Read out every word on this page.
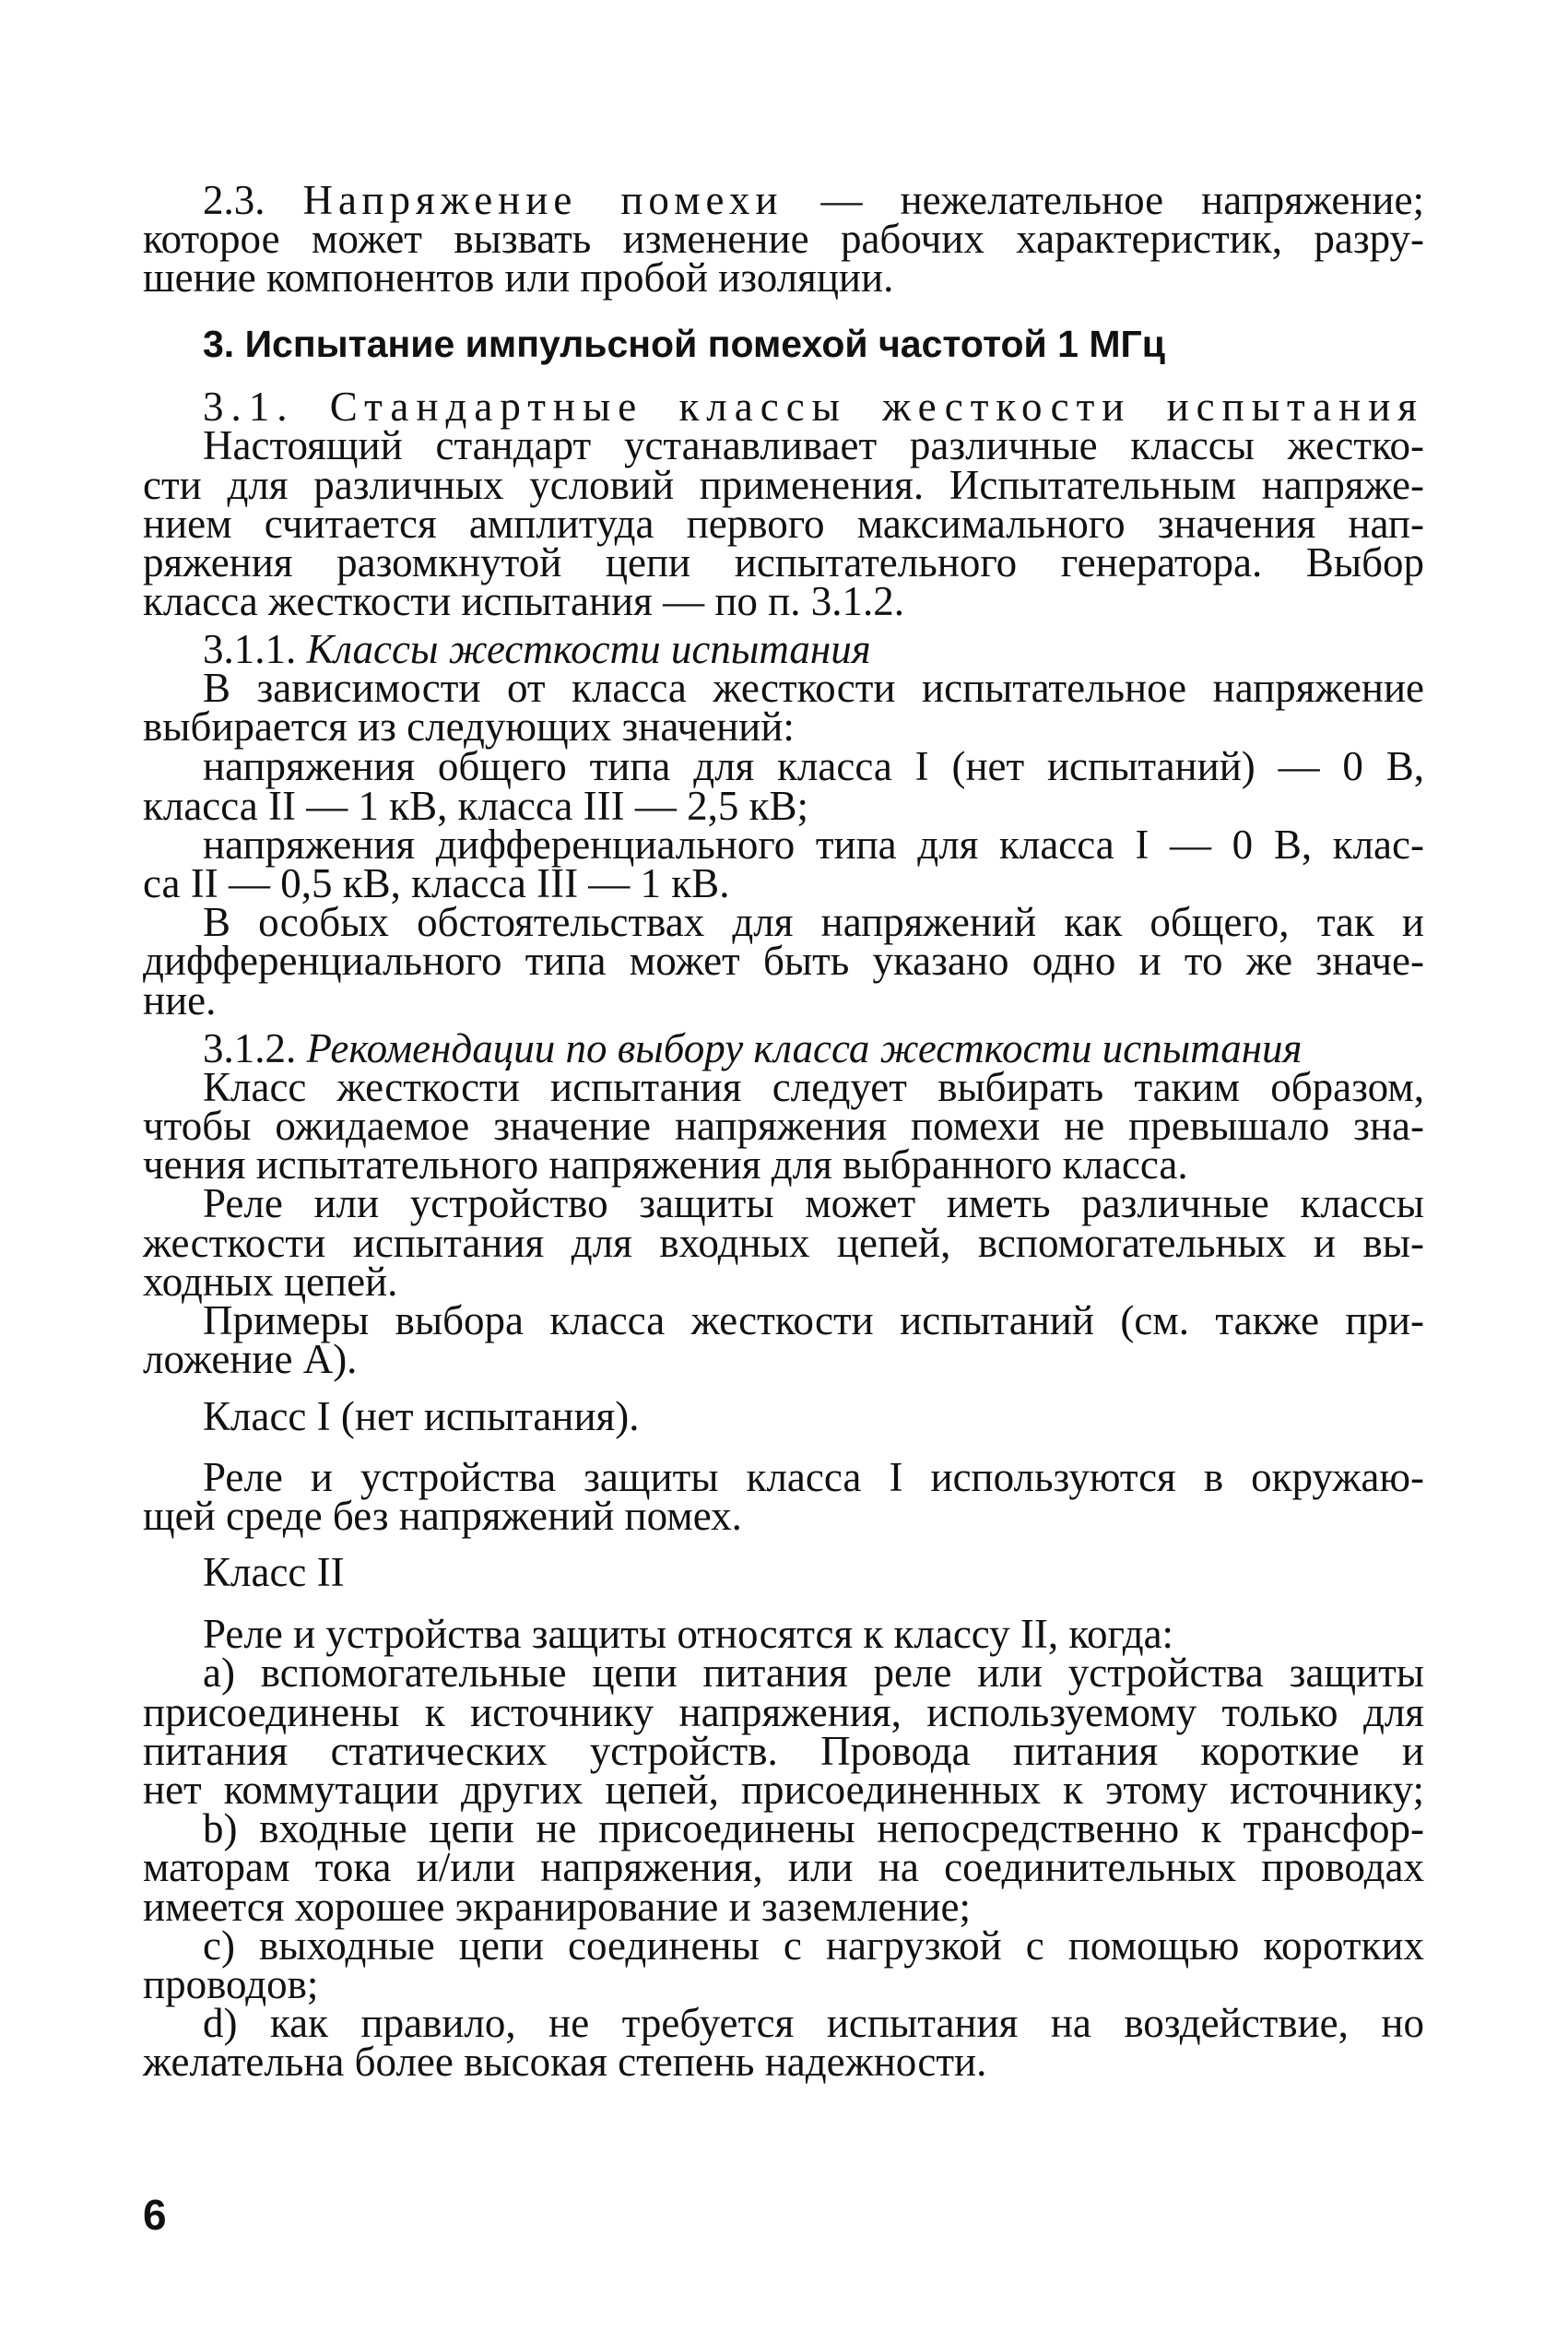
2.3. Напряжение помехи — нежелательное напряжение;
которое может вызвать изменение рабочих характеристик, разру-
шение компонентов или пробой изоляции.
3. Испытание импульсной помехой частотой 1 МГц
3.1. Стандартные классы жесткости испытания
Настоящий стандарт устанавливает различные классы жестко-
сти для различных условий применения. Испытательным напряже-
нием считается амплитуда первого максимального значения нап-
ряжения разомкнутой цепи испытательного генератора. Выбор
класса жесткости испытания — по п. 3.1.2.
3.1.1. Классы жесткости испытания
В зависимости от класса жесткости испытательное напряжение
выбирается из следующих значений:
напряжения общего типа для класса I (нет испытаний) — 0 В,
класса II — 1 кВ, класса III — 2,5 кВ;
напряжения дифференциального типа для класса I — 0 В, клас-
са II — 0,5 кВ, класса III — 1 кВ.
В особых обстоятельствах для напряжений как общего, так и
дифференциального типа может быть указано одно и то же значе-
ние.
3.1.2. Рекомендации по выбору класса жесткости испытания
Класс жесткости испытания следует выбирать таким образом,
чтобы ожидаемое значение напряжения помехи не превышало зна-
чения испытательного напряжения для выбранного класса.
Реле или устройство защиты может иметь различные классы
жесткости испытания для входных цепей, вспомогательных и вы-
ходных цепей.
Примеры выбора класса жесткости испытаний (см. также при-
ложение А).
Класс I (нет испытания).
Реле и устройства защиты класса I используются в окружаю-
щей среде без напряжений помех.
Класс II
Реле и устройства защиты относятся к классу II, когда:
а) вспомогательные цепи питания реле или устройства защиты
присоединены к источнику напряжения, используемому только для
питания статических устройств. Провода питания короткие и
нет коммутации других цепей, присоединенных к этому источнику;
b) входные цепи не присоединены непосредственно к трансфор-
маторам тока и/или напряжения, или на соединительных проводах
имеется хорошее экранирование и заземление;
c) выходные цепи соединены с нагрузкой с помощью коротких
проводов;
d) как правило, не требуется испытания на воздействие, но
желательна более высокая степень надежности.
6
